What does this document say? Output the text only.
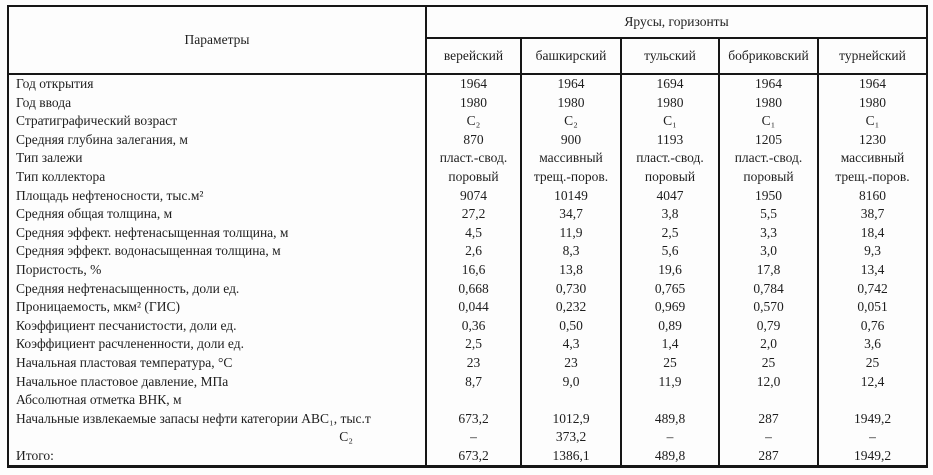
Параметры	Ярусы, горизонты				
	верейский	башкирский	тульский	бобриковский	турнейский
Год открытия	1964	1964	1694	1964	1964
Год ввода	1980	1980	1980	1980	1980
Стратиграфический возраст	С₂	С₂	С₁	С₁	С₁
Средняя глубина залегания, м	870	900	1193	1205	1230
Тип залежи	пласт.-свод.	массивный	пласт.-свод.	пласт.-свод.	массивный
Тип коллектора	поровый	трещ.-поров.	поровый	поровый	трещ.-поров.
Площадь нефтеносности, тыс.м²	9074	10149	4047	1950	8160
Средняя общая толщина, м	27,2	34,7	3,8	5,5	38,7
Средняя эффект. нефтенасыщенная толщина, м	4,5	11,9	2,5	3,3	18,4
Средняя эффект. водонасыщенная толщина, м	2,6	8,3	5,6	3,0	9,3
Пористость, %	16,6	13,8	19,6	17,8	13,4
Средняя нефтенасыщенность, доли ед.	0,668	0,730	0,765	0,784	0,742
Проницаемость, мкм² (ГИС)	0,044	0,232	0,969	0,570	0,051
Коэффициент песчанистости, доли ед.	0,36	0,50	0,89	0,79	0,76
Коэффициент расчлененности, доли ед.	2,5	4,3	1,4	2,0	3,6
Начальная пластовая температура, °С	23	23	25	25	25
Начальное пластовое давление, МПа	8,7	9,0	11,9	12,0	12,4
Абсолютная отметка ВНК, м					
Начальные извлекаемые запасы нефти категории АВС₁, тыс.т	673,2	1012,9	489,8	287	1949,2
С₂	–	373,2	–	–	–
Итого:	673,2	1386,1	489,8	287	1949,2
